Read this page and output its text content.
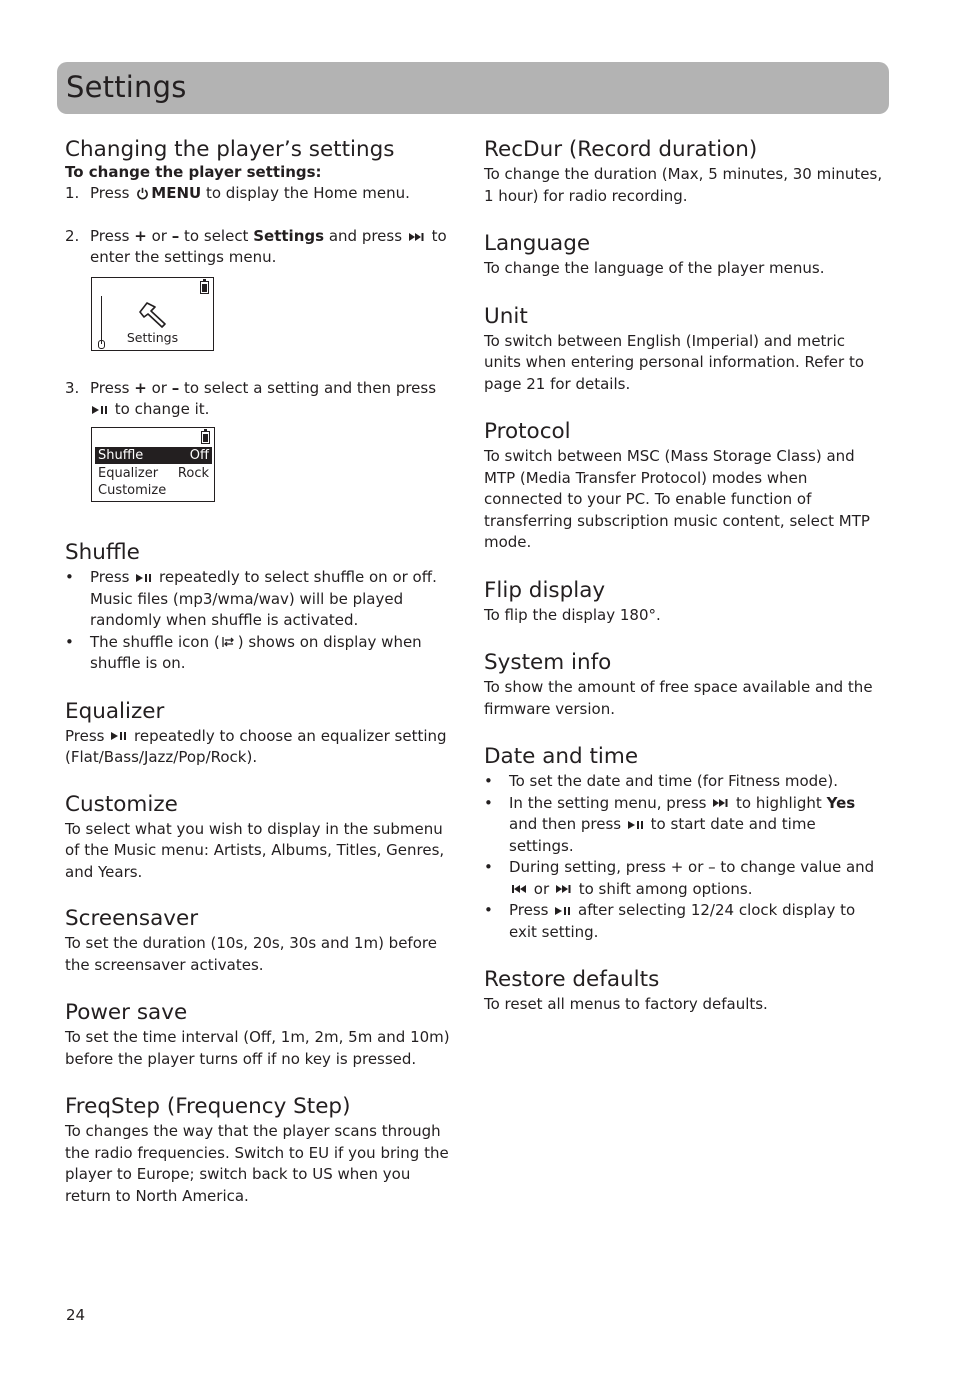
Settings
Changing the player’s settings

To change the player settings:

1. Press MENU to display the Home menu.
2. Press + or – to select Settings and press to enter the settings menu.
Settings
3. Press + or – to select a setting and then press  to change it.
Shuffle	Off
Equalizer Rock
Customize
Shuffle
• Press repeatedly to select shuffle on or off. Music files (mp3/wma/wav) will be played randomly when shuffle is activated.
• The shuffle icon ( ) shows on display when shuffle is on.
Equalizer

Press repeatedly to choose an equalizer setting (Flat/Bass/Jazz/Pop/Rock).

Customize

To select what you wish to display in the submenu of the Music menu: Artists, Albums, Titles, Genres, and Years.

Screensaver

To set the duration (10s, 20s, 30s and 1m) before the screensaver activates.

Power save

To set the time interval (Off, 1m, 2m, 5m and 10m) before the player turns off if no key is pressed.

FreqStep (Frequency Step)

To changes the way that the player scans through the radio frequencies. Switch to EU if you bring the player to Europe; switch back to US when you return to North America.

RecDur (Record duration)

To change the duration (Max, 5 minutes, 30 minutes, 1 hour) for radio recording.

Language

To change the language of the player menus.

Unit

To switch between English (Imperial) and metric units when entering personal information. Refer to page 21 for details.

Protocol

To switch between MSC (Mass Storage Class) and MTP (Media Transfer Protocol) modes when connected to your PC. To enable function of transferring subscription music content, select MTP mode.

Flip display

To flip the display 180°.

System info

To show the amount of free space available and the firmware version.

Date and time
• To set the date and time (for Fitness mode).
• In the setting menu, press to highlight Yes and then press to start date and time settings.
• During setting, press + or – to change value and  or to shift among options.
• Press after selecting 12/24 clock display to exit setting.
Restore defaults

To reset all menus to factory defaults.

24
